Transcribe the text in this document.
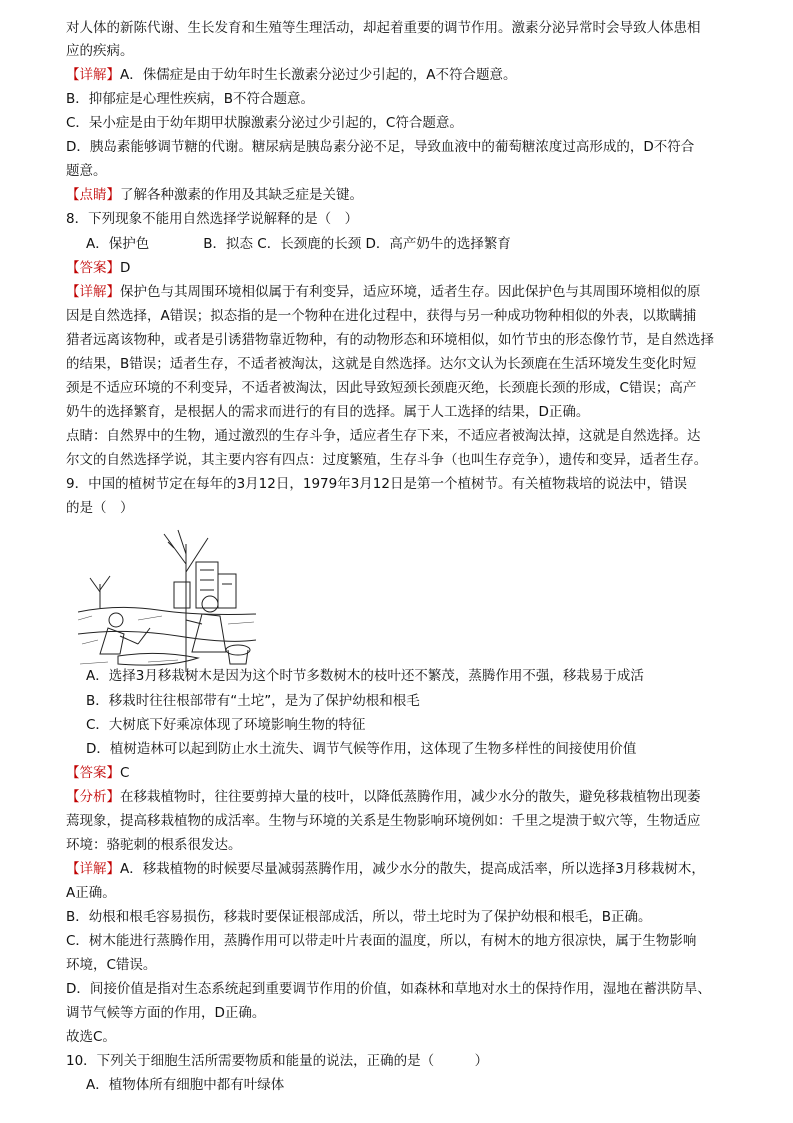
对人体的新陈代谢、生长发育和生殖等生理活动，却起着重要的调节作用。激素分泌异常时会导致人体患相
应的疾病。
【详解】A．侏儒症是由于幼年时生长激素分泌过少引起的，A不符合题意。
B．抑郁症是心理性疾病，B不符合题意。
C．呆小症是由于幼年期甲状腺激素分泌过少引起的，C符合题意。
D．胰岛素能够调节糖的代谢。糖尿病是胰岛素分泌不足，导致血液中的葡萄糖浓度过高形成的，D不符合
题意。
【点睛】了解各种激素的作用及其缺乏症是关键。
8．下列现象不能用自然选择学说解释的是（　）
A．保护色　　　　B．拟态 C．长颈鹿的长颈 D．高产奶牛的选择繁育
【答案】D
【详解】保护色与其周围环境相似属于有利变异，适应环境，适者生存。因此保护色与其周围环境相似的原
因是自然选择，A错误；拟态指的是一个物种在进化过程中，获得与另一种成功物种相似的外表，以欺瞒捕
猎者远离该物种，或者是引诱猎物靠近物种，有的动物形态和环境相似，如竹节虫的形态像竹节，是自然选择
的结果，B错误；适者生存，不适者被淘汰，这就是自然选择。达尔文认为长颈鹿在生活环境发生变化时短
颈是不适应环境的不利变异，不适者被淘汰，因此导致短颈长颈鹿灭绝，长颈鹿长颈的形成，C错误；高产
奶牛的选择繁育，是根据人的需求而进行的有目的选择。属于人工选择的结果，D正确。
点睛：自然界中的生物，通过激烈的生存斗争，适应者生存下来，不适应者被淘汰掉，这就是自然选择。达
尔文的自然选择学说，其主要内容有四点：过度繁殖，生存斗争（也叫生存竞争），遗传和变异，适者生存。
9．中国的植树节定在每年的3月12日，1979年3月12日是第一个植树节。有关植物栽培的说法中，错误
的是（　）
A．选择3月移栽树木是因为这个时节多数树木的枝叶还不繁茂，蒸腾作用不强，移栽易于成活
B．移栽时往往根部带有“土坨”，是为了保护幼根和根毛
C．大树底下好乘凉体现了环境影响生物的特征
D．植树造林可以起到防止水土流失、调节气候等作用，这体现了生物多样性的间接使用价值
【答案】C
【分析】在移栽植物时，往往要剪掉大量的枝叶，以降低蒸腾作用，减少水分的散失，避免移栽植物出现萎
蔫现象，提高移栽植物的成活率。生物与环境的关系是生物影响环境例如：千里之堤溃于蚁穴等，生物适应
环境：骆驼刺的根系很发达。
【详解】A．移栽植物的时候要尽量减弱蒸腾作用，减少水分的散失，提高成活率，所以选择3月移栽树木，
A正确。
B．幼根和根毛容易损伤，移栽时要保证根部成活，所以，带土坨时为了保护幼根和根毛，B正确。
C．树木能进行蒸腾作用，蒸腾作用可以带走叶片表面的温度，所以，有树木的地方很凉快，属于生物影响
环境，C错误。
D．间接价值是指对生态系统起到重要调节作用的价值，如森林和草地对水土的保持作用，湿地在蓄洪防旱、
调节气候等方面的作用，D正确。
故选C。
10．下列关于细胞生活所需要物质和能量的说法，正确的是（　　　）
A．植物体所有细胞中都有叶绿体
